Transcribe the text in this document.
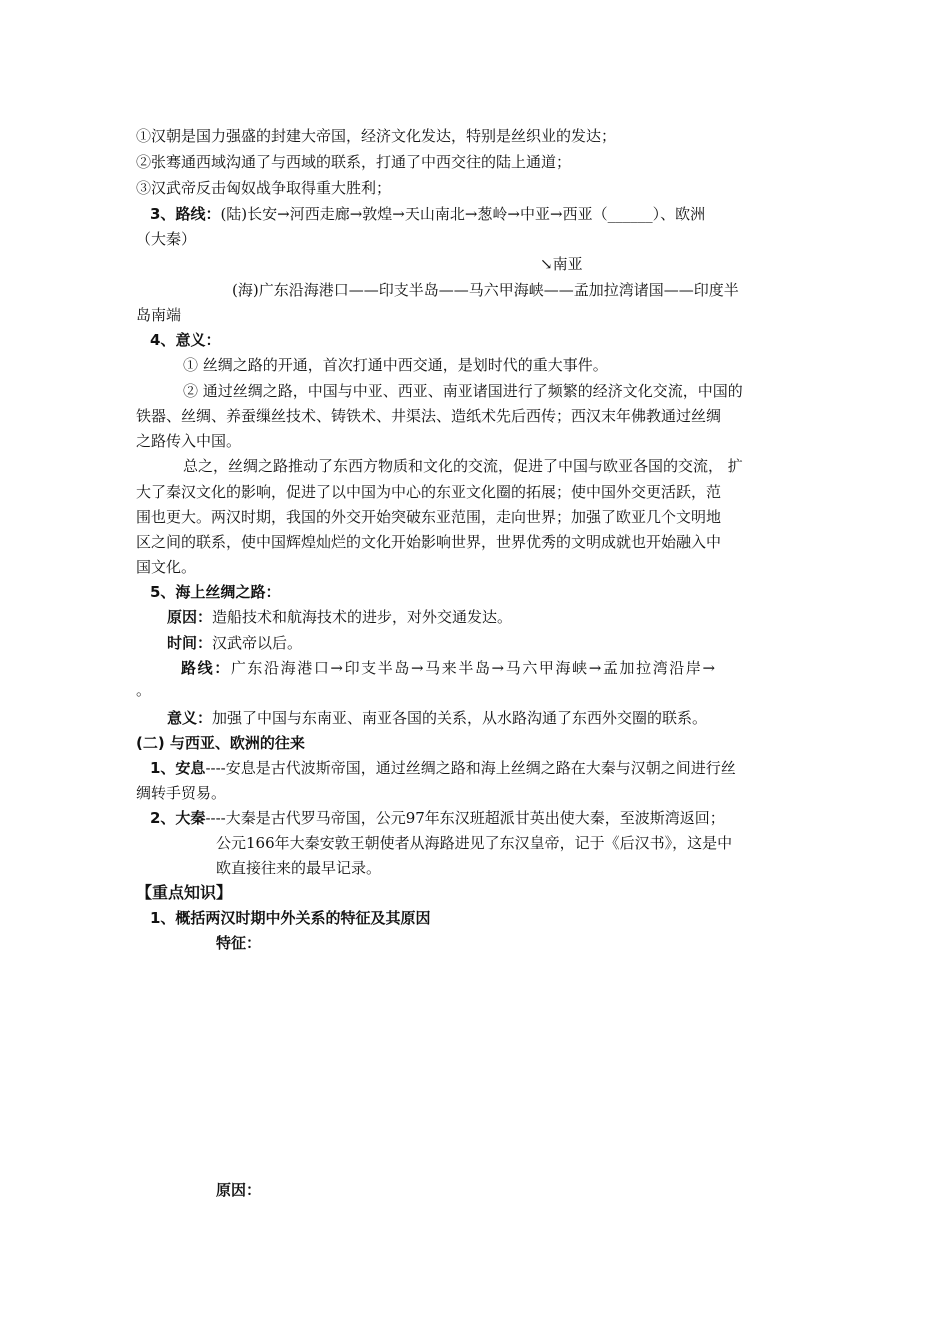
①汉朝是国力强盛的封建大帝国，经济文化发达，特别是丝织业的发达；
②张骞通西域沟通了与西域的联系，打通了中西交往的陆上通道；
③汉武帝反击匈奴战争取得重大胜利；
3、路线：(陆)长安→河西走廊→敦煌→天山南北→葱岭→中亚→西亚（______）、欧洲
（大秦）
↘南亚
(海)广东沿海港口——印支半岛——马六甲海峡——孟加拉湾诸国——印度半
岛南端
4、意义：
① 丝绸之路的开通，首次打通中西交通，是划时代的重大事件。
② 通过丝绸之路，中国与中亚、西亚、南亚诸国进行了频繁的经济文化交流，中国的
铁器、丝绸、养蚕缫丝技术、铸铁术、井渠法、造纸术先后西传；西汉末年佛教通过丝绸
之路传入中国。
总之，丝绸之路推动了东西方物质和文化的交流，促进了中国与欧亚各国的交流， 扩
大了秦汉文化的影响，促进了以中国为中心的东亚文化圈的拓展；使中国外交更活跃，范
围也更大。两汉时期，我国的外交开始突破东亚范围，走向世界；加强了欧亚几个文明地
区之间的联系，使中国辉煌灿烂的文化开始影响世界，世界优秀的文明成就也开始融入中
国文化。
5、海上丝绸之路：
原因：造船技术和航海技术的进步，对外交通发达。
时间：汉武帝以后。
路线：广东沿海港口→印支半岛→马来半岛→马六甲海峡→孟加拉湾沿岸→
。
意义：加强了中国与东南亚、南亚各国的关系，从水路沟通了东西外交圈的联系。
(二) 与西亚、欧洲的往来
1、安息----安息是古代波斯帝国，通过丝绸之路和海上丝绸之路在大秦与汉朝之间进行丝
绸转手贸易。
2、大秦----大秦是古代罗马帝国，公元97年东汉班超派甘英出使大秦，至波斯湾返回；
公元166年大秦安敦王朝使者从海路进见了东汉皇帝，记于《后汉书》，这是中
欧直接往来的最早记录。
【重点知识】
1、概括两汉时期中外关系的特征及其原因
特征：
原因：
